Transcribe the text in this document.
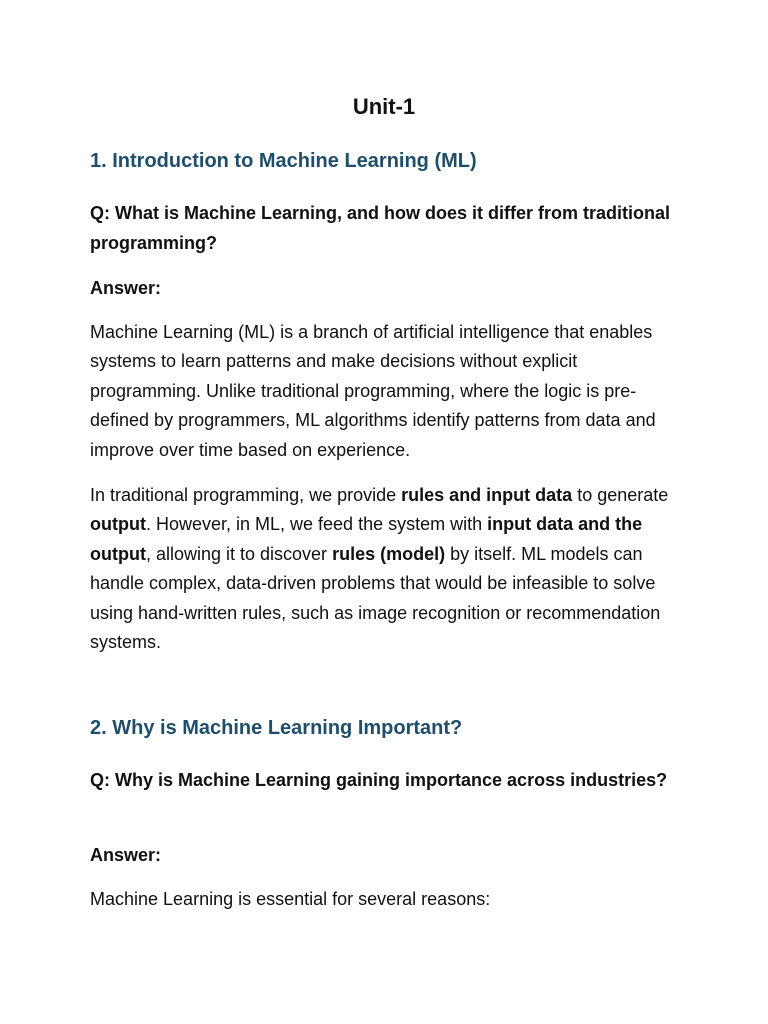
Unit-1
1. Introduction to Machine Learning (ML)

Q: What is Machine Learning, and how does it differ from traditional programming?

Answer:

Machine Learning (ML) is a branch of artificial intelligence that enables systems to learn patterns and make decisions without explicit programming. Unlike traditional programming, where the logic is pre-defined by programmers, ML algorithms identify patterns from data and improve over time based on experience.

In traditional programming, we provide rules and input data to generate output. However, in ML, we feed the system with input data and the output, allowing it to discover rules (model) by itself. ML models can handle complex, data-driven problems that would be infeasible to solve using hand-written rules, such as image recognition or recommendation systems.

2. Why is Machine Learning Important?

Q: Why is Machine Learning gaining importance across industries?

Answer:

Machine Learning is essential for several reasons:
